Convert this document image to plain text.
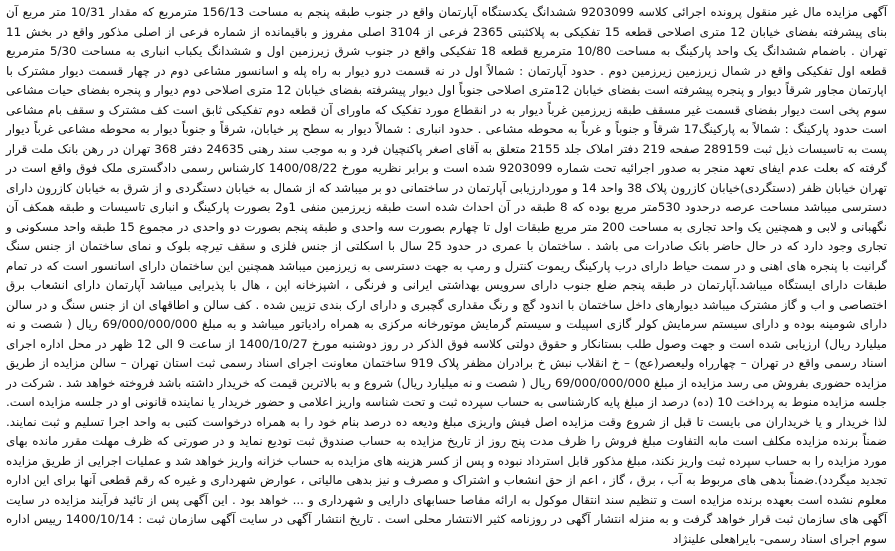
آگهی مزایده مال غیر منقول پرونده اجرائی کلاسه 9203099 ششدانگ یکدستگاه آپارتمان واقع در جنوب طبقه پنجم به مساحت 156/13 مترمربع که مقدار 10/31 متر مربع آن بنای پیشرفته بفضای خیابان 12 متری اصلاحی قطعه 15 تفکیکی به پلاکثبتی 2365 فرعی از 3104 اصلی مفروز و باقیمانده از شماره فرعی از اصلی مذکور واقع در بخش 11 تهران . باضمام ششدانگ یک واحد پارکینگ به مساحت 10/80 مترمربع قطعه 18 تفکیکی واقع در جنوب شرق زیرزمین اول و ششدانگ یکباب انباری به مساحت 5/30 مترمربع قطعه اول تفکیکی واقع در شمال زیرزمین زیرزمین دوم . حدود آپارتمان : شمالاً اول در نه قسمت درو دیوار به راه پله و اسانسور مشاعی دوم در چهار قسمت دیوار مشترک با اپارتمان مجاور شرقاً دیوار و پنجره پیشرفته است بفضای خیابان 12متری اصلاحی جنوباً اول دیوار پیشرفته بفضای خیابان 12 متری اصلاحی دوم دیوار و پنجره بفضای حیات مشاعی سوم پخی است دیوار بفضای قسمت غیر مسقف طبقه زیرزمین غرباً دیوار به در انقطاع مورد تفکیک که ماورای آن قطعه دوم تفکیکی ثابق است کف مشترک و سقف بام مشاعی است حدود پارکینگ : شمالاً به پارکینگ17 شرقاً و جنوباً و غرباً به محوطه مشاعی . حدود انباری : شمالاً دیوار به سطح پر خیابان، شرقاً و جنوباً دیوار به محوطه مشاعی غرباً دیوار پست به تاسیسات ذیل ثبت 289159 صفحه 219 دفتر املاک جلد 2155 متعلق به آقای اصغر پاکنچیان فرد و به موجب سند رهنی 24635 دفتر 368 تهران در رهن بانک ملت قرار گرفته که بعلت عدم ایفای تعهد منجر به صدور اجرائیه تحت شماره 9203099 شده است و برابر نظریه مورخ 1400/08/22 کارشناس رسمی دادگستری ملک فوق واقع است در تهران خیابان ظفر (دستگردی)خیابان کازرون پلاک 38 واحد 14 و موردارزیابی آپارتمان در ساختمانی دو بر میباشد که از شمال به خیابان دستگردی و از شرق به خیابان کازرون دارای دسترسی میباشد مساحت عرصه درحدود 530متر مربع بوده که 8 طبقه در آن احداث شده است طبقه زیرزمین منفی 1و2 بصورت پارکینگ و انباری تاسیسات و طبقه همکف آن نگهبانی و لابی و همچنین یک واحد تجاری به مساحت 200 متر مربع طبقات اول تا چهارم بصورت سه واحدی و طبقه پنجم بصورت دو واحدی در مجموع 15 طبقه واحد مسکونی و تجاری وجود دارد که در حال حاضر بانک صادرات می باشد . ساختمان با عمری در حدود 25 سال با اسکلتی از جنس فلزی و سقف تیرچه بلوک و نمای ساختمان از جنس سنگ گرانیت با پنجره های اهنی و در سمت حیاط دارای درب پارکینگ ریموت کنترل و رمپ به جهت دسترسی به زیرزمین میباشد همچنین این ساختمان دارای اسانسور است که در تمام طبقات دارای ایستگاه میباشد.آپارتمان در طبقه پنجم ضلع جنوب دارای سرویس بهداشتی ایرانی و فرنگی ، اشپزخانه اپن ، هال با پذیرایی میباشد آپارتمان دارای انشعاب برق اختصاصی و اب و گاز مشترک میباشد دیوارهای داخل ساختمان با اندود گچ و رنگ مقداری گچبری و دارای ارک بندی تزیین شده . کف سالن و اطاقهای ان از جنس سنگ و در سالن دارای شومینه بوده و دارای سیستم سرمایش کولر گازی اسپیلت و سیستم گرمایش موتورخانه مرکزی به همراه رادیاتور میباشد و به مبلغ 69/000/000/000 ریال ( شصت و نه میلیارد ریال) ارزیابی شده است و جهت وصول طلب بستانکار و حقوق دولتی کلاسه فوق الذکر در روز دوشنبه مورخ 1400/10/27 از ساعت 9 الی 12 ظهر در محل اداره اجرای اسناد رسمی واقع در تهران – چهارراه ولیعصر(عج) – خ انقلاب نبش خ برادران مظفر پلاک 919 ساختمان معاونت اجرای اسناد رسمی ثبت استان تهران – سالن مزایده از طریق مزایده حضوری بفروش می رسد مزایده از مبلغ 69/000/000/000 ریال ( شصت و نه میلیارد ریال) شروع و به بالاترین قیمت که خریدار داشته باشد فروخته خواهد شد . شرکت در جلسه مزایده منوط به پرداخت 10 (ده) درصد از مبلغ پایه کارشناسی به حساب سپرده ثبت و تحت شناسه واریز اعلامی و حضور خریدار یا نماینده قانونی او در جلسه مزایده است. لذا خریدار و یا خریداران می بایست تا قبل از شروع وقت مزایده اصل فیش واریزی مبلغ ودیعه ده درصد بنام خود را به همراه درخواست کتبی به واحد اجرا تسلیم و ثبت نمایند. ضمناً برنده مزایده مکلف است مابه التفاوت مبلغ فروش را ظرف مدت پنج روز از تاریخ مزایده به حساب صندوق ثبت تودیع نماید و در صورتی که ظرف مهلت مقرر مانده بهای مورد مزایده را به حساب سپرده ثبت واریز نکند، مبلغ مذکور قابل استرداد نبوده و پس از کسر هزینه های مزایده به حساب خزانه واریز خواهد شد و عملیات اجرایی از طریق مزایده تجدید میگردد).ضمناً بدهی های مربوط به آب ، برق ، گاز ، اعم از حق انشعاب و اشتراک و مصرف و نیز بدهی مالیاتی ، عوارض شهرداری و غیره که رقم قطعی آنها برای این اداره معلوم نشده است بعهده برنده مزایده است و تنظیم سند انتقال موکول به ارائه مفاصا حسابهای دارایی و شهرداری و ... خواهد بود . این آگهی پس از تائید فرآیند مزایده در سایت آگهی های سازمان ثبت قرار خواهد گرفت و به منزله انتشار آگهی در روزنامه کثیر الانتشار محلی است . تاریخ انتشار آگهی در سایت آگهی سازمان ثبت : 1400/10/14 رییس اداره سوم اجرای اسناد رسمی- بایراهعلی علینژاد
